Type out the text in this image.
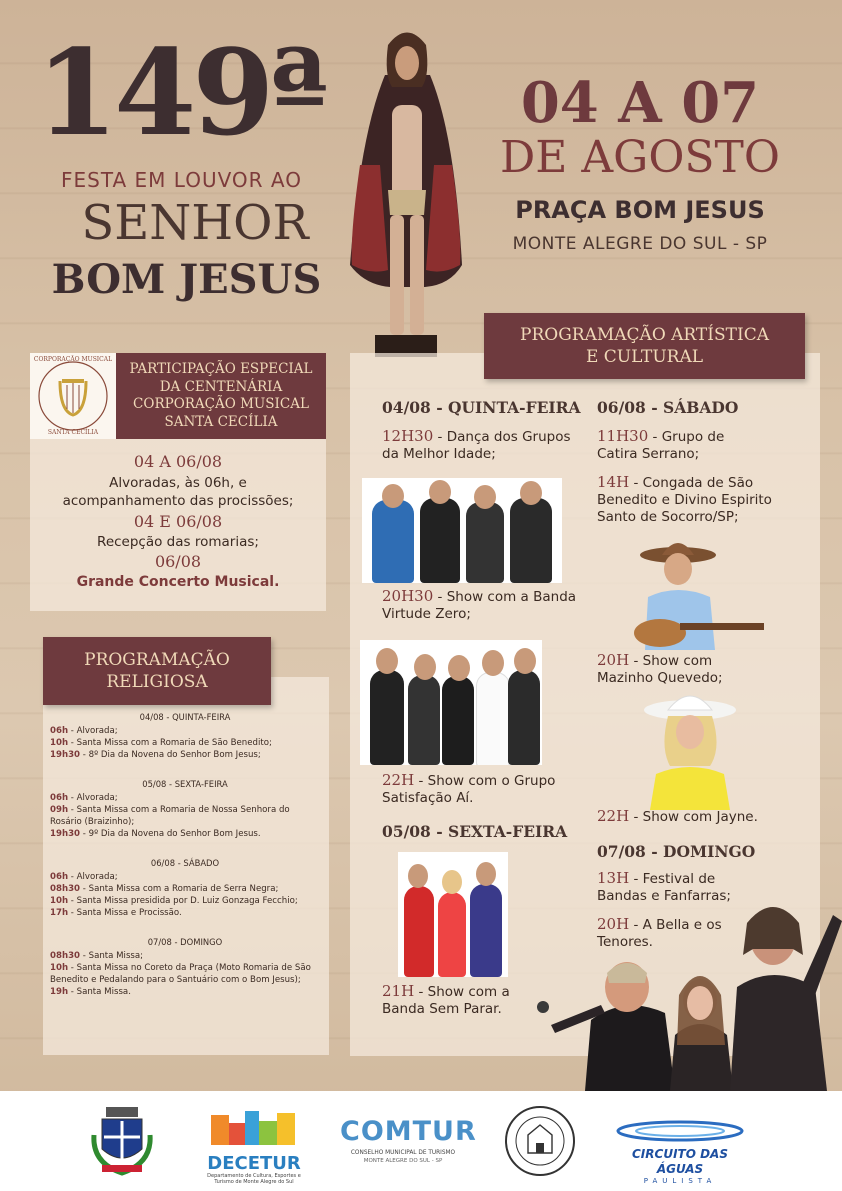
149ª
FESTA EM LOUVOR AO
SENHOR
BOM JESUS
04 A 07
DE AGOSTO
PRAÇA BOM JESUS
MONTE ALEGRE DO SUL - SP
CORPORAÇÃO MUSICAL
SANTA CECÍLIA
PARTICIPAÇÃO ESPECIAL DA CENTENÁRIA CORPORAÇÃO MUSICAL SANTA CECÍLIA
04 A 06/08
Alvoradas, às 06h, e acompanhamento das procissões;
04 E 06/08
Recepção das romarias;
06/08
Grande Concerto Musical.
PROGRAMAÇÃO
RELIGIOSA
04/08 - QUINTA-FEIRA
06h - Alvorada;
10h - Santa Missa com a Romaria de São Benedito;
19h30 - 8º Dia da Novena do Senhor Bom Jesus;
05/08 - SEXTA-FEIRA
06h - Alvorada;
09h - Santa Missa com a Romaria de Nossa Senhora do Rosário (Braizinho);
19h30 - 9º Dia da Novena do Senhor Bom Jesus.
06/08 - SÁBADO
06h - Alvorada;
08h30 - Santa Missa com a Romaria de Serra Negra;
10h - Santa Missa presidida por D. Luiz Gonzaga Fecchio;
17h - Santa Missa e Procissão.
07/08 - DOMINGO
08h30 - Santa Missa;
10h - Santa Missa no Coreto da Praça (Moto Romaria de São Benedito e Pedalando para o Santuário com o Bom Jesus);
19h - Santa Missa.
PROGRAMAÇÃO ARTÍSTICA
E CULTURAL
04/08 - QUINTA-FEIRA
12H30 - Dança dos Grupos da Melhor Idade;
20H30 - Show com a Banda Virtude Zero;
22H - Show com o Grupo Satisfação Aí.
05/08 - SEXTA-FEIRA
21H - Show com a Banda Sem Parar.
06/08 - SÁBADO
11H30 - Grupo de Catira Serrano;
14H - Congada de São Benedito e Divino Espirito Santo de Socorro/SP;
20H - Show com Mazinho Quevedo;
22H - Show com Jayne.
07/08 - DOMINGO
13H - Festival de Bandas e Fanfarras;
20H - A Bella e os Tenores.
DECETUR
Departamento de Cultura, Esportes e Turismo de Monte Alegre do Sul
COMTUR
CONSELHO MUNICIPAL DE TURISMO
MONTE ALEGRE DO SUL - SP	CIRCUITO DAS ÁGUAS
PAULISTA
